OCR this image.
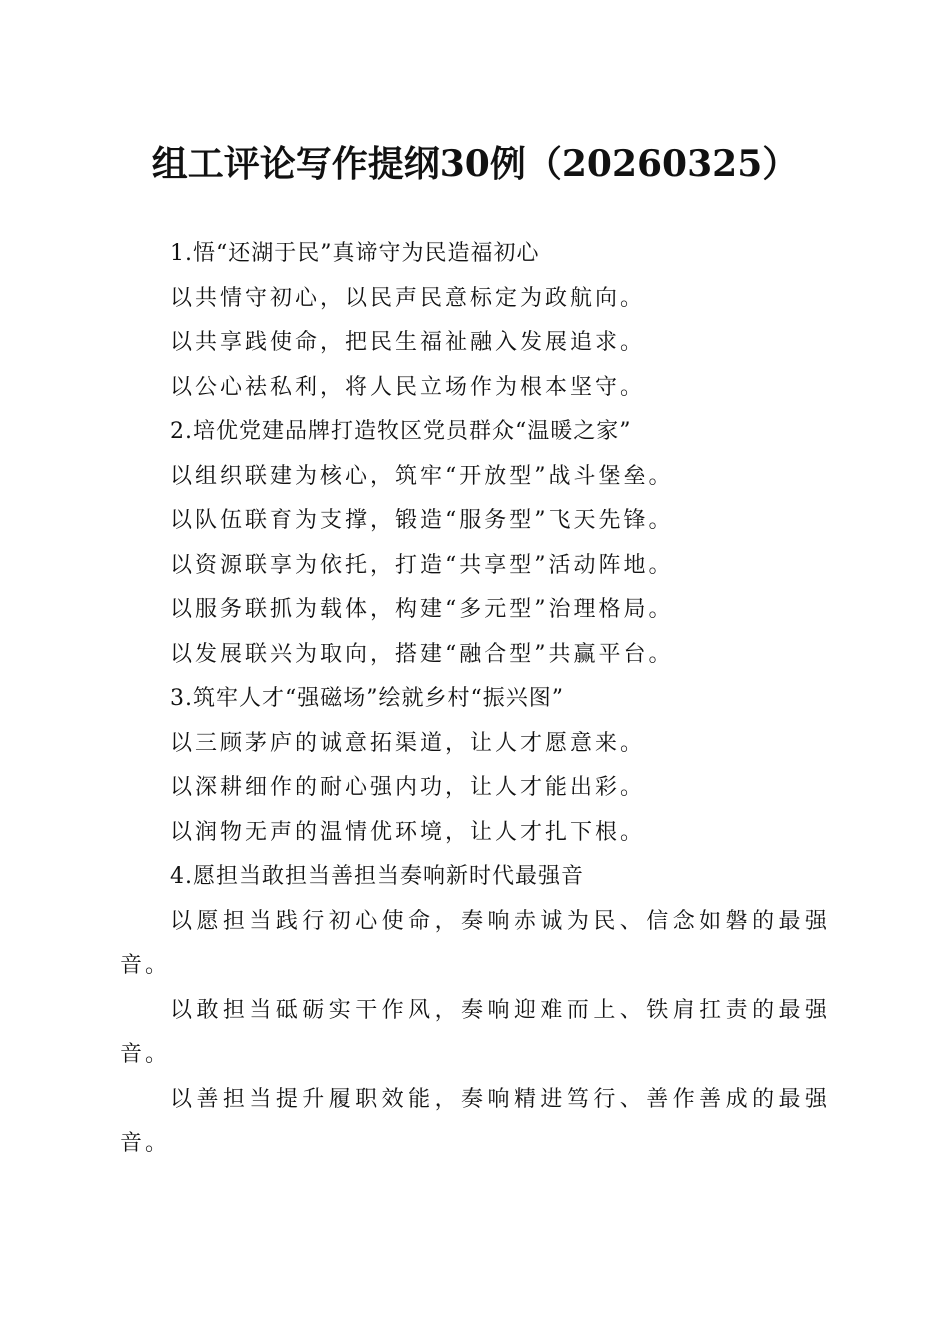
组工评论写作提纲30例（20260325）

1.悟“还湖于民”真谛守为民造福初心

以共情守初心，以民声民意标定为政航向。

以共享践使命，把民生福祉融入发展追求。

以公心祛私利，将人民立场作为根本坚守。

2.培优党建品牌打造牧区党员群众“温暖之家”

以组织联建为核心，筑牢“开放型”战斗堡垒。

以队伍联育为支撑，锻造“服务型”飞天先锋。

以资源联享为依托，打造“共享型”活动阵地。

以服务联抓为载体，构建“多元型”治理格局。

以发展联兴为取向，搭建“融合型”共赢平台。

3.筑牢人才“强磁场”绘就乡村“振兴图”

以三顾茅庐的诚意拓渠道，让人才愿意来。

以深耕细作的耐心强内功，让人才能出彩。

以润物无声的温情优环境，让人才扎下根。

4.愿担当敢担当善担当奏响新时代最强音

以愿担当践行初心使命，奏响赤诚为民、信念如磐的最强音。

以敢担当砥砺实干作风，奏响迎难而上、铁肩扛责的最强音。

以善担当提升履职效能，奏响精进笃行、善作善成的最强音。
